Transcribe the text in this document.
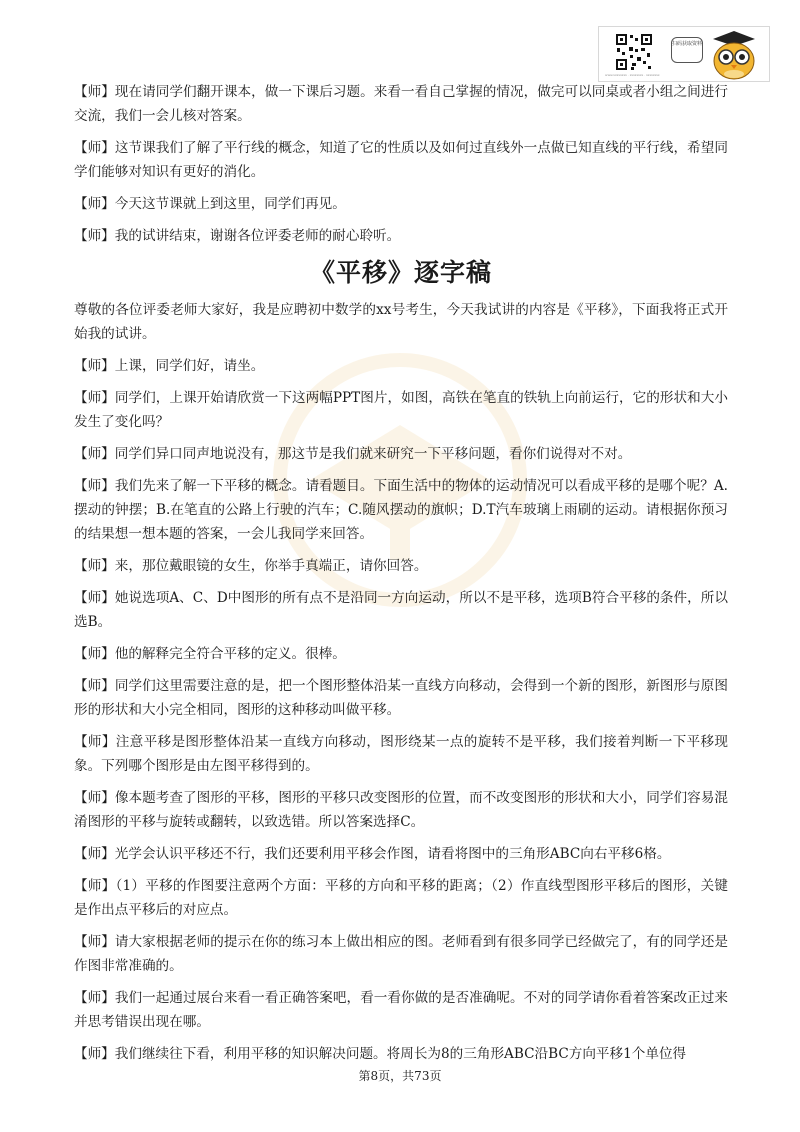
www.xxxxxxxx · xxxxxxxx · xxxxxxxx
扫码获取资料
【师】现在请同学们翻开课本，做一下课后习题。来看一看自己掌握的情况，做完可以同桌或者小组之间进行交流，我们一会儿核对答案。
【师】这节课我们了解了平行线的概念，知道了它的性质以及如何过直线外一点做已知直线的平行线，希望同学们能够对知识有更好的消化。
【师】今天这节课就上到这里，同学们再见。
【师】我的试讲结束，谢谢各位评委老师的耐心聆听。
《平移》逐字稿
尊敬的各位评委老师大家好，我是应聘初中数学的xx号考生，今天我试讲的内容是《平移》，下面我将正式开始我的试讲。
【师】上课，同学们好，请坐。
【师】同学们，上课开始请欣赏一下这两幅PPT图片，如图，高铁在笔直的铁轨上向前运行，它的形状和大小发生了变化吗？
【师】同学们异口同声地说没有，那这节是我们就来研究一下平移问题，看你们说得对不对。
【师】我们先来了解一下平移的概念。请看题目。下面生活中的物体的运动情况可以看成平移的是哪个呢？A.摆动的钟摆；B.在笔直的公路上行驶的汽车；C.随风摆动的旗帜；D.T汽车玻璃上雨刷的运动。请根据你预习的结果想一想本题的答案，一会儿我同学来回答。
【师】来，那位戴眼镜的女生，你举手真端正，请你回答。
【师】她说选项A、C、D中图形的所有点不是沿同一方向运动，所以不是平移，选项B符合平移的条件，所以选B。
【师】他的解释完全符合平移的定义。很棒。
【师】同学们这里需要注意的是，把一个图形整体沿某一直线方向移动，会得到一个新的图形，新图形与原图形的形状和大小完全相同，图形的这种移动叫做平移。
【师】注意平移是图形整体沿某一直线方向移动，图形绕某一点的旋转不是平移，我们接着判断一下平移现象。下列哪个图形是由左图平移得到的。
【师】像本题考查了图形的平移，图形的平移只改变图形的位置，而不改变图形的形状和大小，同学们容易混淆图形的平移与旋转或翻转，以致选错。所以答案选择C。
【师】光学会认识平移还不行，我们还要利用平移会作图，请看将图中的三角形ABC向右平移6格。
【师】（1）平移的作图要注意两个方面：平移的方向和平移的距离；（2）作直线型图形平移后的图形，关键是作出点平移后的对应点。
【师】请大家根据老师的提示在你的练习本上做出相应的图。老师看到有很多同学已经做完了，有的同学还是作图非常准确的。
【师】我们一起通过展台来看一看正确答案吧，看一看你做的是否准确呢。不对的同学请你看着答案改正过来并思考错误出现在哪。
【师】我们继续往下看，利用平移的知识解决问题。将周长为8的三角形ABC沿BC方向平移1个单位得
第8页，共73页
